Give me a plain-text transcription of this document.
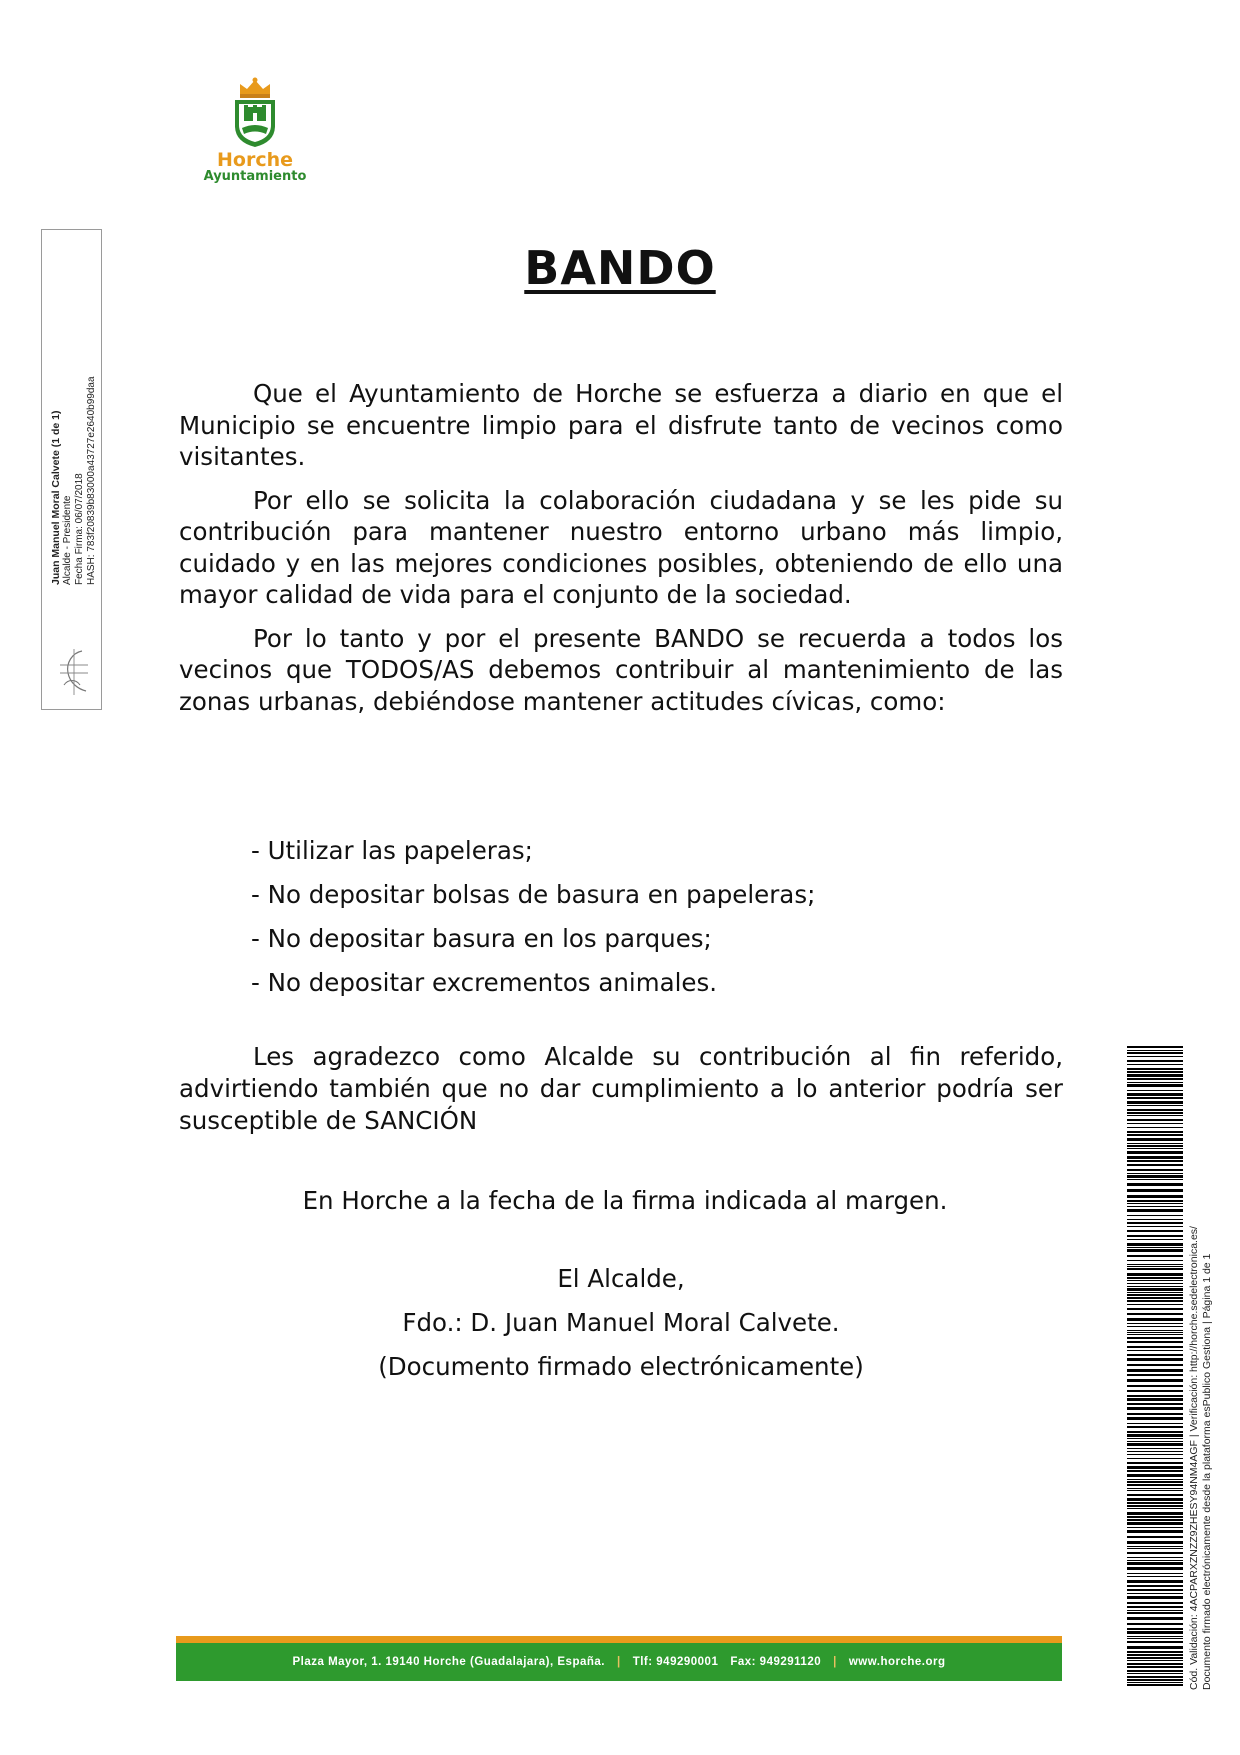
Horche
Ayuntamiento
Juan Manuel Moral Calvete (1 de 1) Alcalde - Presidente Fecha Firma: 06/07/2018 HASH: 783f20839b83000a43727e2640b99daa
BANDO

Que el Ayuntamiento de Horche se esfuerza a diario en que el Municipio se encuentre limpio para el disfrute tanto de vecinos como visitantes.

Por ello se solicita la colaboración ciudadana y se les pide su contribución para mantener nuestro entorno urbano más limpio, cuidado y en las mejores condiciones posibles, obteniendo de ello una mayor calidad de vida para el conjunto de la sociedad.

Por lo tanto y por el presente BANDO se recuerda a todos los vecinos que TODOS/AS debemos contribuir al mantenimiento de las zonas urbanas, debiéndose mantener actitudes cívicas, como:

- Utilizar las papeleras;
- No depositar bolsas de basura en papeleras;
- No depositar basura en los parques;
- No depositar excrementos animales.
Les agradezco como Alcalde su contribución al fin referido, advirtiendo también que no dar cumplimiento a lo anterior podría ser susceptible de SANCIÓN
En Horche a la fecha de la firma indicada al margen.
El Alcalde,
Fdo.: D. Juan Manuel Moral Calvete.
(Documento firmado electrónicamente)
Plaza Mayor, 1. 19140 Horche (Guadalajara), España. | Tlf: 949290001 Fax: 949291120 | www.horche.org	Cód. Validación: 4ACPARXZNZZ9ZHESY94NM4AGF | Verificación: http://horche.sedelectronica.es/ Documento firmado electrónicamente desde la plataforma esPublico Gestiona | Página 1 de 1
